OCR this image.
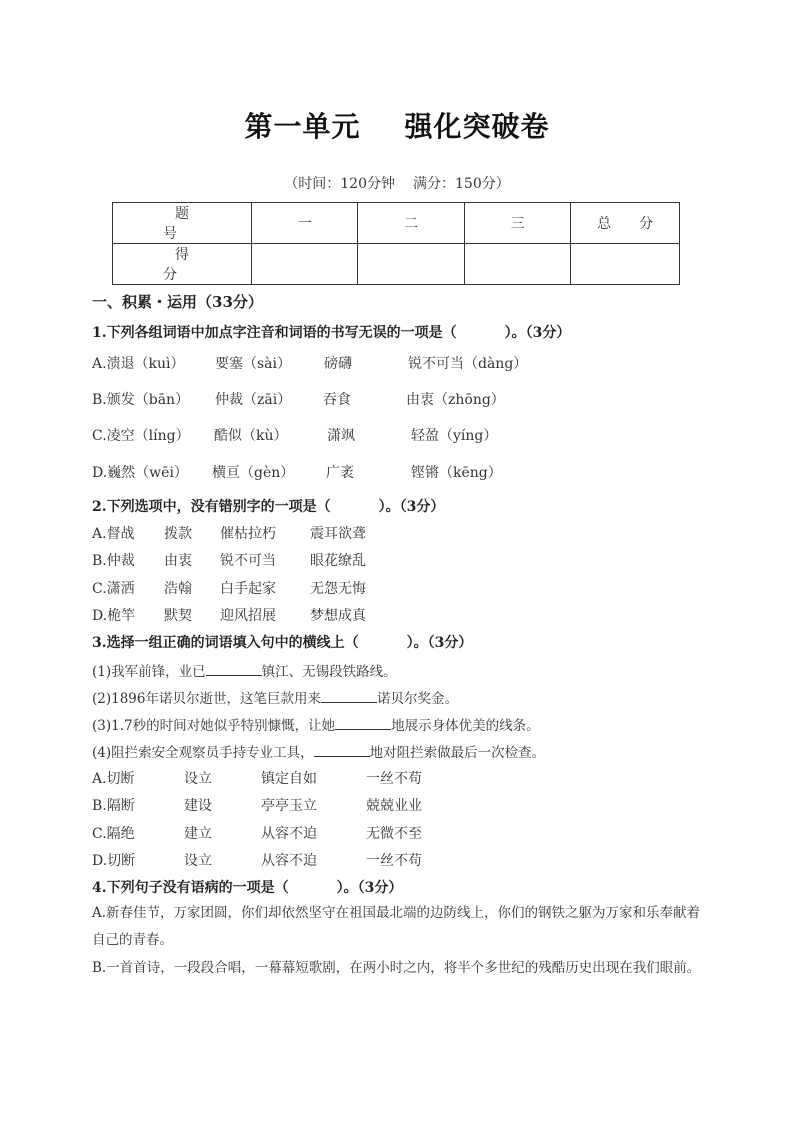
第一单元 强化突破卷
（时间：120分钟 满分：150分）
题　　号	一	二	三	总　　分
得　　分				
一、积累・运用（33分）
1.下列各组词语中加点字注音和词语的书写无误的一项是（	）。（3分）
A.溃退（kuì） 要塞（sài） 磅礴	锐不可当（dàng）
B.颁发（bān） 仲裁（zāi） 吞食	由衷（zhōng）
C.凌空（líng） 酷似（kù）	潇飒	轻盈（yíng）
D.巍然（wēi） 横亘（gèn） 广袤	铿锵（kēng）
2.下列选项中，没有错别字的一项是（	）。（3分）
A.督战 拨款 催枯拉朽 震耳欲聋
B.仲裁 由衷 锐不可当 眼花缭乱
C.潇洒 浩翰 白手起家 无怨无悔
D.桅竿 默契 迎风招展 梦想成真
3.选择一组正确的词语填入句中的横线上（	）。（3分）
(1)我军前锋，业已	镇江、无锡段铁路线。
(2)1896年诺贝尔逝世，这笔巨款用来	诺贝尔奖金。
(3)1.7秒的时间对她似乎特别慷慨，让她	地展示身体优美的线条。
(4)阻拦索安全观察员手持专业工具，	地对阻拦索做最后一次检查。
A.切断	设立	镇定自如	一丝不苟
B.隔断	建设	亭亭玉立	兢兢业业
C.隔绝	建立	从容不迫	无微不至
D.切断	设立	从容不迫	一丝不苟
4.下列句子没有语病的一项是（	）。（3分）
A.新春佳节，万家团圆，你们却依然坚守在祖国最北端的边防线上，你们的钢铁之躯为万家和乐奉献着自己的青春。
B.一首首诗，一段段合唱，一幕幕短歌剧，在两小时之内，将半个多世纪的残酷历史出现在我们眼前。
